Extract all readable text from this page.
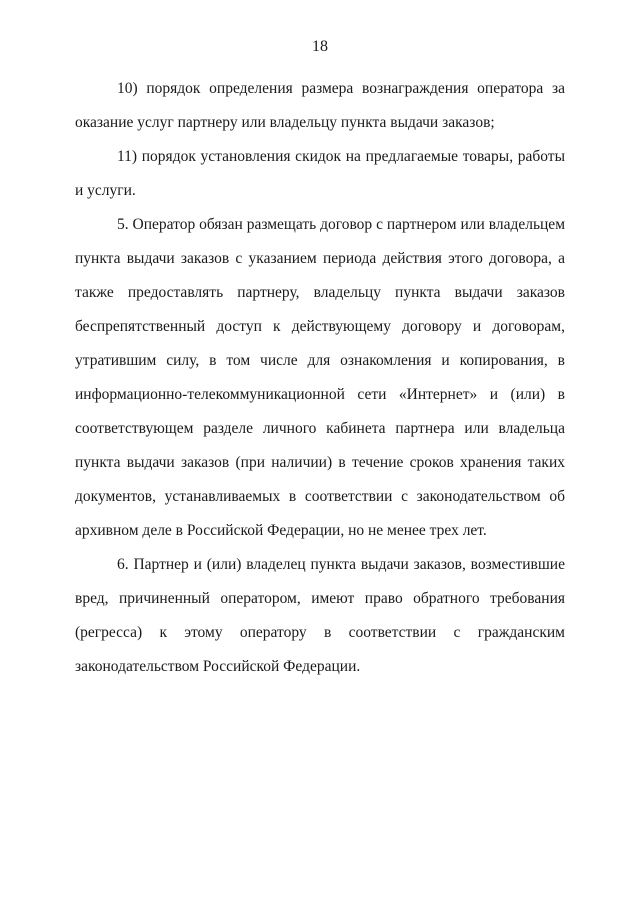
18

10) порядок определения размера вознаграждения оператора за оказание услуг партнеру или владельцу пункта выдачи заказов;

11) порядок установления скидок на предлагаемые товары, работы и услуги.

5. Оператор обязан размещать договор с партнером или владельцем пункта выдачи заказов с указанием периода действия этого договора, а также предоставлять партнеру, владельцу пункта выдачи заказов беспрепятственный доступ к действующему договору и договорам, утратившим силу, в том числе для ознакомления и копирования, в информационно-телекоммуникационной сети «Интернет» и (или) в соответствующем разделе личного кабинета партнера или владельца пункта выдачи заказов (при наличии) в течение сроков хранения таких документов, устанавливаемых в соответствии с законодательством об архивном деле в Российской Федерации, но не менее трех лет.

6. Партнер и (или) владелец пункта выдачи заказов, возместившие вред, причиненный оператором, имеют право обратного требования (регресса) к этому оператору в соответствии с гражданским законодательством Российской Федерации.
